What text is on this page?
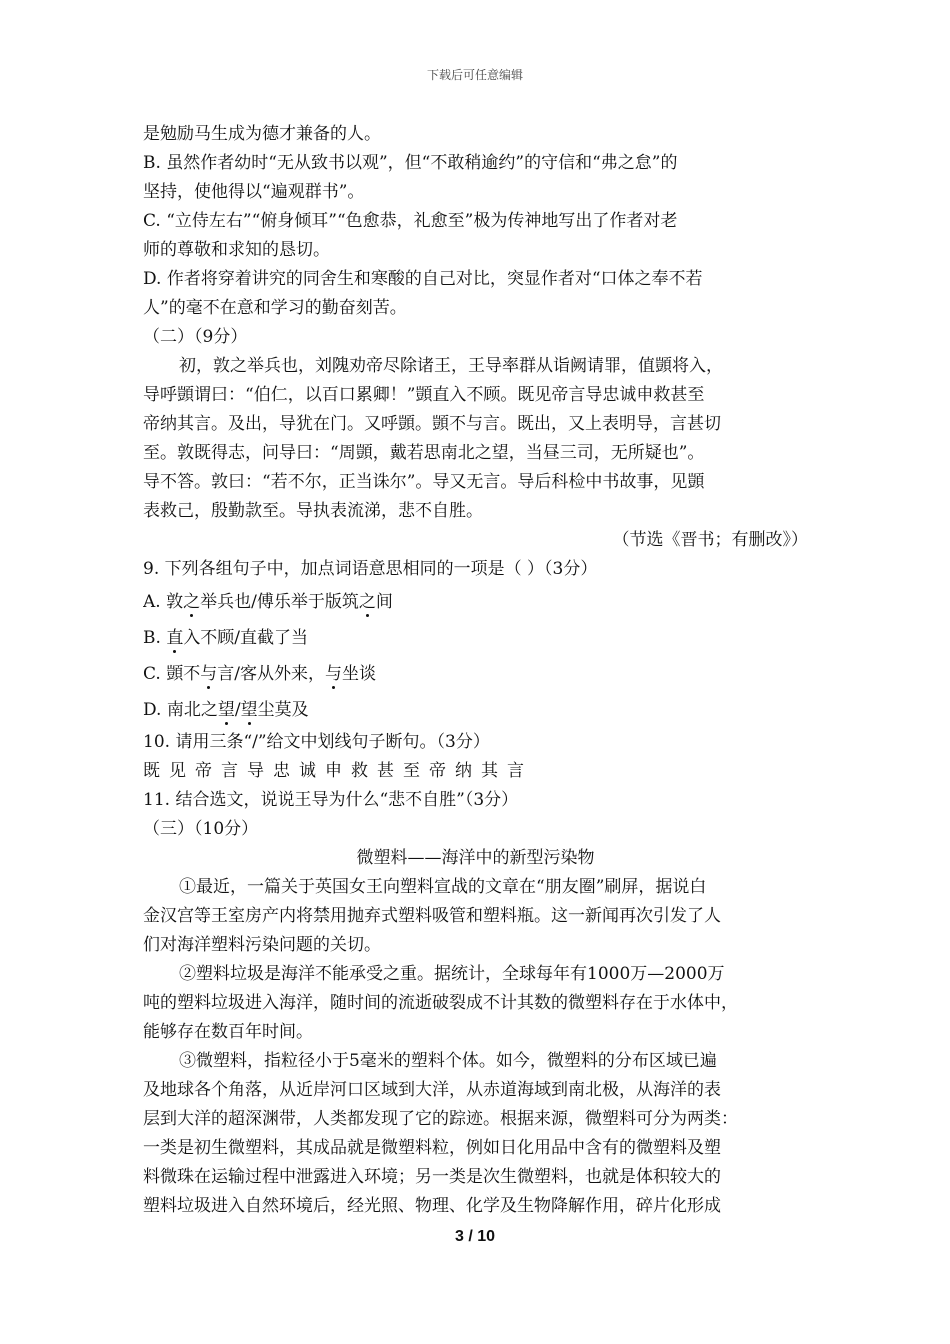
下载后可任意编辑
是勉励马生成为德才兼备的人。
B. 虽然作者幼时“无从致书以观”，但“不敢稍逾约”的守信和“弗之怠”的
坚持，使他得以“遍观群书”。
C. “立侍左右”“俯身倾耳”“色愈恭，礼愈至”极为传神地写出了作者对老
师的尊敬和求知的恳切。
D. 作者将穿着讲究的同舍生和寒酸的自己对比，突显作者对“口体之奉不若
人”的毫不在意和学习的勤奋刻苦。
（二）（9分）
初，敦之举兵也，刘隗劝帝尽除诸王，王导率群从诣阙请罪，值顗将入，
导呼顗谓曰：“伯仁，以百口累卿！”顗直入不顾。既见帝言导忠诚申救甚至
帝纳其言。及出，导犹在门。又呼顗。顗不与言。既出，又上表明导，言甚切
至。敦既得志，问导曰：“周顗，戴若思南北之望，当昼三司，无所疑也”。
导不答。敦曰：“若不尔，正当诛尔”。导又无言。导后科检中书故事，见顗
表救己，殷勤款至。导执表流涕，悲不自胜。
（节选《晋书；有删改》）
9. 下列各组句子中，加点词语意思相同的一项是（ ）（3分）
A. 敦之举兵也/傅乐举于版筑之间
B. 直入不顾/直截了当
C. 顗不与言/客从外来，与坐谈
D. 南北之望/望尘莫及
10. 请用三条“/”给文中划线句子断句。（3分）
既见帝言导忠诚申救甚至帝纳其言
11. 结合选文，说说王导为什么“悲不自胜”（3分）
（三）（10分）
微塑料——海洋中的新型污染物
①最近，一篇关于英国女王向塑料宣战的文章在“朋友圈”刷屏，据说白
金汉宫等王室房产内将禁用抛弃式塑料吸管和塑料瓶。这一新闻再次引发了人
们对海洋塑料污染问题的关切。
②塑料垃圾是海洋不能承受之重。据统计，全球每年有1000万—2000万
吨的塑料垃圾进入海洋，随时间的流逝破裂成不计其数的微塑料存在于水体中，
能够存在数百年时间。
③微塑料，指粒径小于5毫米的塑料个体。如今，微塑料的分布区域已遍
及地球各个角落，从近岸河口区域到大洋，从赤道海域到南北极，从海洋的表
层到大洋的超深渊带，人类都发现了它的踪迹。根据来源，微塑料可分为两类：
一类是初生微塑料，其成品就是微塑料粒，例如日化用品中含有的微塑料及塑
料微珠在运输过程中泄露进入环境；另一类是次生微塑料，也就是体积较大的
塑料垃圾进入自然环境后，经光照、物理、化学及生物降解作用，碎片化形成
3 / 10
